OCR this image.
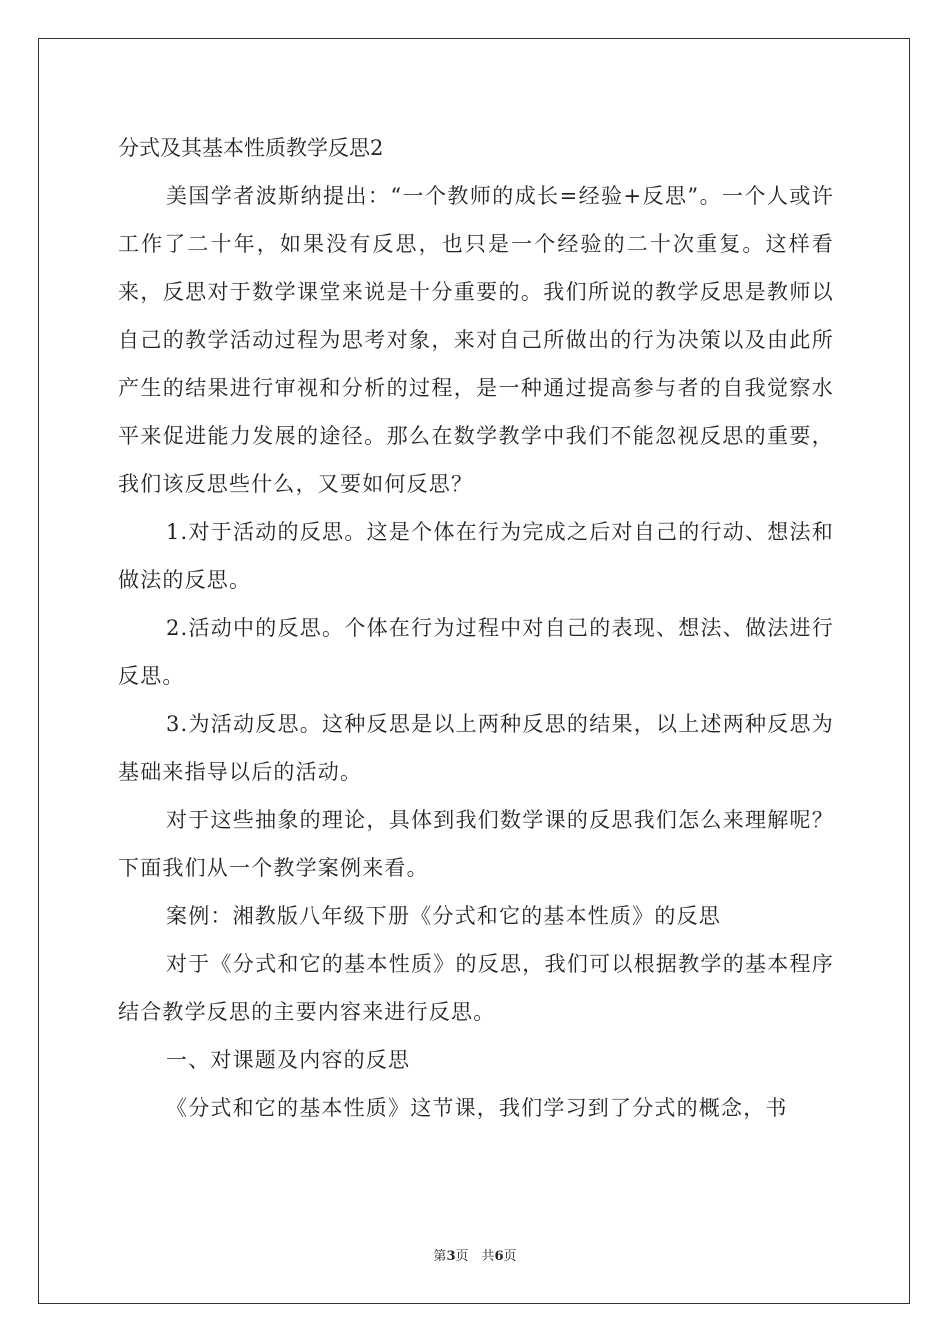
分式及其基本性质教学反思2

美国学者波斯纳提出：“一个教师的成长=经验+反思”。一个人或许工作了二十年，如果没有反思，也只是一个经验的二十次重复。这样看来，反思对于数学课堂来说是十分重要的。我们所说的教学反思是教师以自己的教学活动过程为思考对象，来对自己所做出的行为决策以及由此所产生的结果进行审视和分析的过程，是一种通过提高参与者的自我觉察水平来促进能力发展的途径。那么在数学教学中我们不能忽视反思的重要，我们该反思些什么，又要如何反思？

1.对于活动的反思。这是个体在行为完成之后对自己的行动、想法和做法的反思。

2.活动中的反思。个体在行为过程中对自己的表现、想法、做法进行反思。

3.为活动反思。这种反思是以上两种反思的结果，以上述两种反思为基础来指导以后的活动。

对于这些抽象的理论，具体到我们数学课的反思我们怎么来理解呢？下面我们从一个教学案例来看。

案例：湘教版八年级下册《分式和它的基本性质》的反思

对于《分式和它的基本性质》的反思，我们可以根据教学的基本程序结合教学反思的主要内容来进行反思。

一、对课题及内容的反思

《分式和它的基本性质》这节课，我们学习到了分式的概念，书

第3页　共6页
